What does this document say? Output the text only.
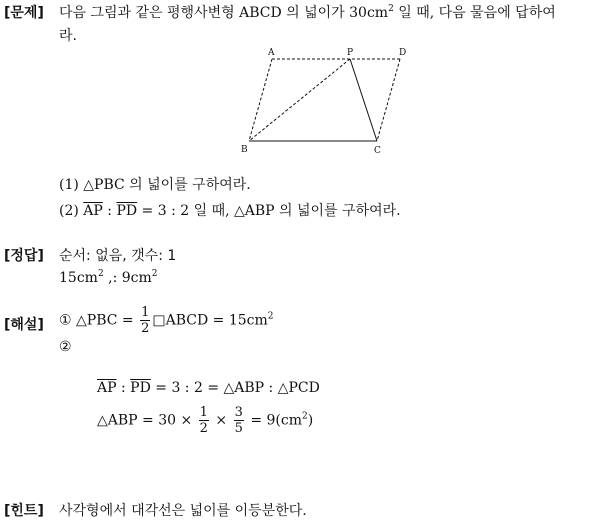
[문제] 다음 그림과 같은 평행사변형 ABCD 의 넓이가 $30cm^2$ 일 때, 다음 물음에 답하여
라.
A	P	D
B	C
(1) △PBC 의 넓이를 구하여라.
(2) $\overline{AP}$ : $\overline{PD} = 3$ : 2 일 때, △ABP 의 넓이를 구하여라.
[정답] 순서: 없음, 갯수: 1
$15cm^2$ ,: $9cm^2$
[해설] ① △PBC = $\frac{1}{2}$ □ABCD = $15cm^2$
②
$\overline{AP}$ : $\overline{PD} = 3$ : 2 = △ABP : △PCD
△ABP = $30 \times \frac{1}{2} \times \frac{3}{5} = 9(cm^2)$
[힌트] 사각형에서 대각선은 넓이를 이등분한다.
